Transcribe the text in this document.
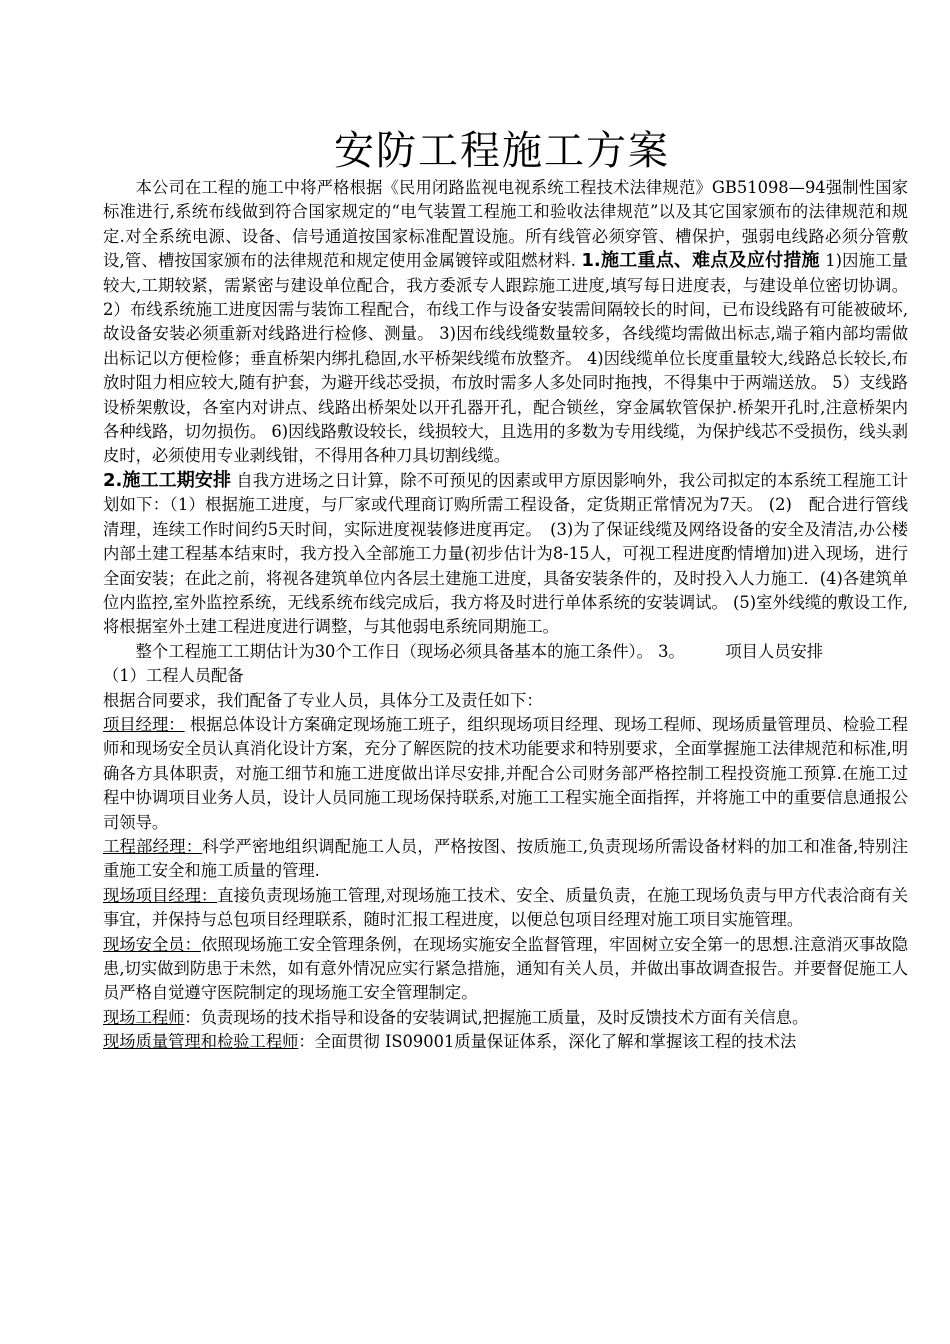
安防工程施工方案

本公司在工程的施工中将严格根据《民用闭路监视电视系统工程技术法律规范》GB51098—94强制性国家标准进行,系统布线做到符合国家规定的“电气装置工程施工和验收法律规范”以及其它国家颁布的法律规范和规定.对全系统电源、设备、信号通道按国家标准配置设施。所有线管必须穿管、槽保护，强弱电线路必须分管敷设,管、槽按国家颁布的法律规范和规定使用金属镀锌或阻燃材料. 1.施工重点、难点及应付措施 1)因施工量较大,工期较紧，需紧密与建设单位配合，我方委派专人跟踪施工进度,填写每日进度表，与建设单位密切协调。 2）布线系统施工进度因需与装饰工程配合，布线工作与设备安装需间隔较长的时间，已布设线路有可能被破坏,故设备安装必须重新对线路进行检修、测量。 3)因布线线缆数量较多，各线缆均需做出标志,端子箱内部均需做出标记以方便检修；垂直桥架内绑扎稳固,水平桥架线缆布放整齐。 4)因线缆单位长度重量较大,线路总长较长,布放时阻力相应较大,随有护套，为避开线芯受损，布放时需多人多处同时拖拽，不得集中于两端送放。 5）支线路设桥架敷设，各室内对讲点、线路出桥架处以开孔器开孔，配合锁丝，穿金属软管保护.桥架开孔时,注意桥架内各种线路，切勿损伤。 6)因线路敷设较长，线损较大，且选用的多数为专用线缆，为保护线芯不受损伤，线头剥皮时，必须使用专业剥线钳，不得用各种刀具切割线缆。

2.施工工期安排 自我方进场之日计算，除不可预见的因素或甲方原因影响外，我公司拟定的本系统工程施工计划如下：（1）根据施工进度，与厂家或代理商订购所需工程设备，定货期正常情况为7天。 (2)　配合进行管线清理，连续工作时间约5天时间，实际进度视装修进度再定。　(3)为了保证线缆及网络设备的安全及清洁,办公楼内部土建工程基本结束时，我方投入全部施工力量(初步估计为8-15人，可视工程进度酌情增加)进入现场，进行全面安装；在此之前，将视各建筑单位内各层土建施工进度，具备安装条件的，及时投入人力施工．(4)各建筑单位内监控,室外监控系统，无线系统布线完成后，我方将及时进行单体系统的安装调试。 (5)室外线缆的敷设工作,将根据室外土建工程进度进行调整，与其他弱电系统同期施工。

整个工程施工工期估计为30个工作日（现场必须具备基本的施工条件）。 3。　　　项目人员安排

（1）工程人员配备

根据合同要求，我们配备了专业人员，具体分工及责任如下：

项目经理： 根据总体设计方案确定现场施工班子，组织现场项目经理、现场工程师、现场质量管理员、检验工程师和现场安全员认真消化设计方案，充分了解医院的技术功能要求和特别要求，全面掌握施工法律规范和标准,明确各方具体职责，对施工细节和施工进度做出详尽安排,并配合公司财务部严格控制工程投资施工预算.在施工过程中协调项目业务人员，设计人员同施工现场保持联系,对施工工程实施全面指挥，并将施工中的重要信息通报公司领导。

工程部经理：科学严密地组织调配施工人员，严格按图、按质施工,负责现场所需设备材料的加工和准备,特别注重施工安全和施工质量的管理.

现场项目经理：直接负责现场施工管理,对现场施工技术、安全、质量负责，在施工现场负责与甲方代表洽商有关事宜，并保持与总包项目经理联系，随时汇报工程进度，以便总包项目经理对施工项目实施管理。

现场安全员：依照现场施工安全管理条例，在现场实施安全监督管理，牢固树立安全第一的思想.注意消灭事故隐患,切实做到防患于未然，如有意外情况应实行紧急措施，通知有关人员，并做出事故调查报告。并要督促施工人员严格自觉遵守医院制定的现场施工安全管理制定。

现场工程师：负责现场的技术指导和设备的安装调试,把握施工质量，及时反馈技术方面有关信息。

现场质量管理和检验工程师：全面贯彻 IS09001质量保证体系，深化了解和掌握该工程的技术法
